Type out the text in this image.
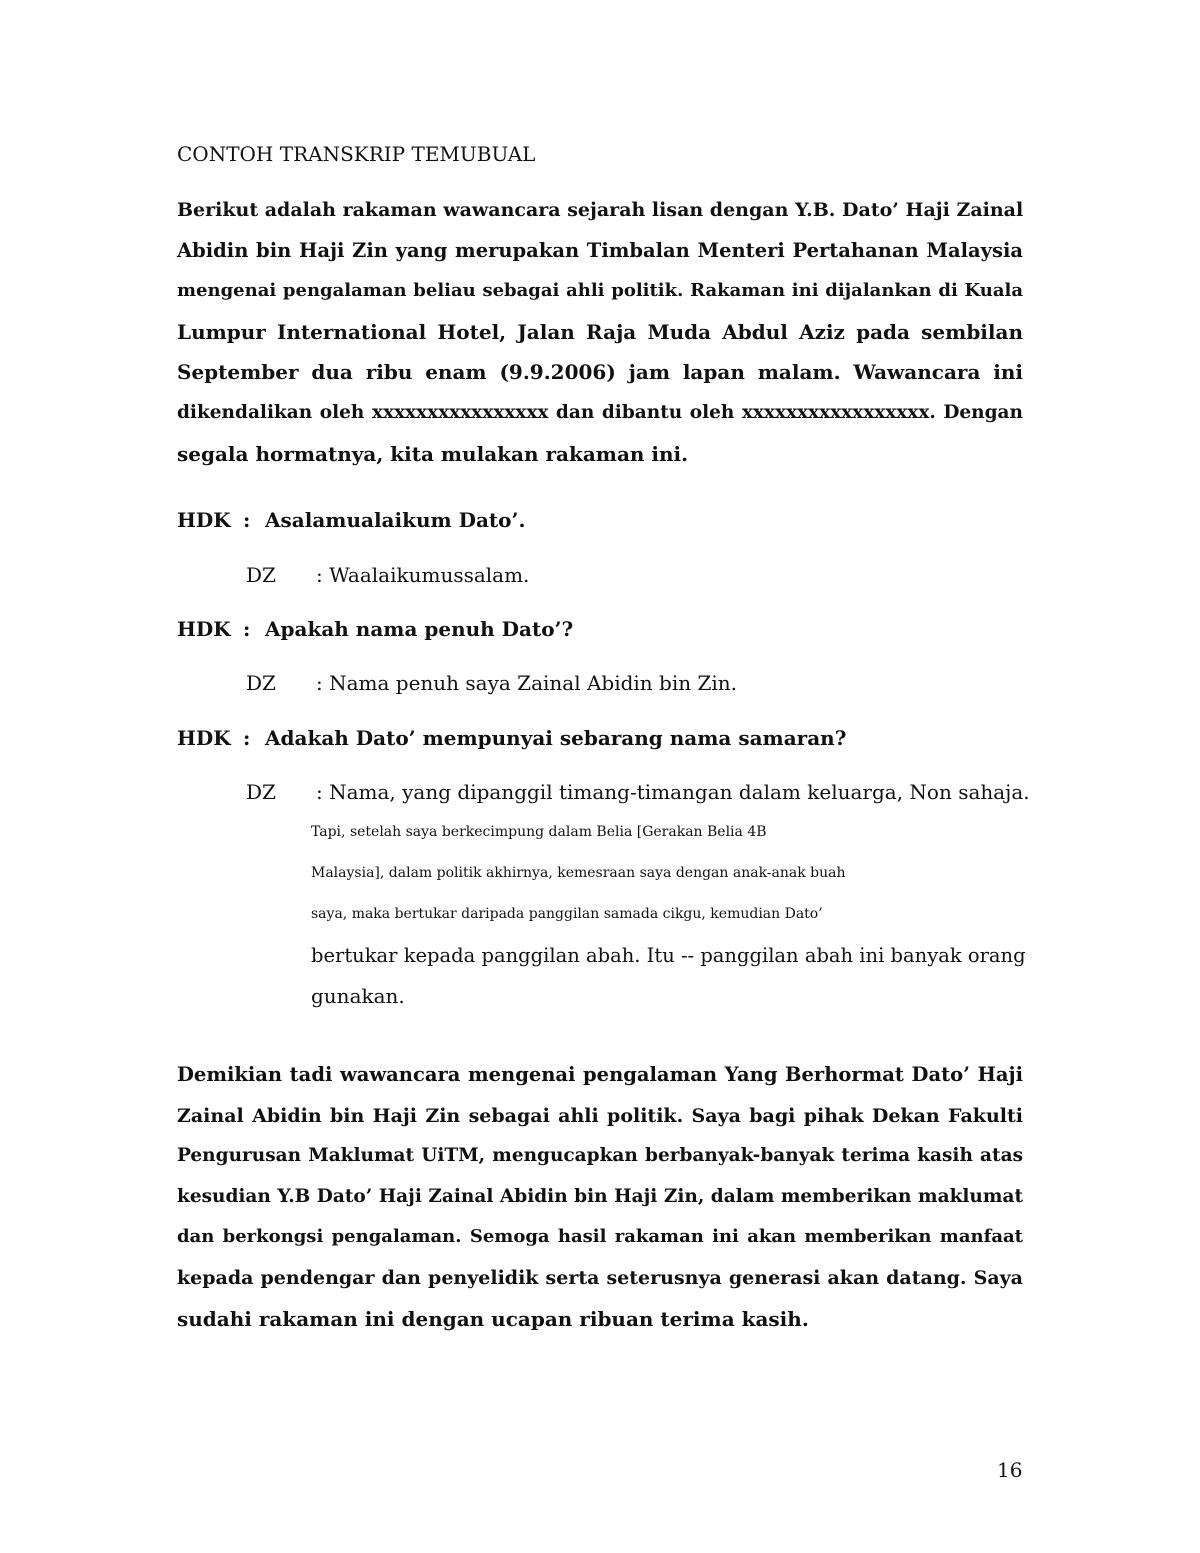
CONTOH TRANSKRIP TEMUBUAL
Berikut adalah rakaman wawancara sejarah lisan dengan Y.B. Dato’ Haji Zainal
Abidin bin Haji Zin yang merupakan Timbalan Menteri Pertahanan Malaysia
mengenai pengalaman beliau sebagai ahli politik. Rakaman ini dijalankan di Kuala
Lumpur International Hotel, Jalan Raja Muda Abdul Aziz pada sembilan
September dua ribu enam (9.9.2006) jam lapan malam. Wawancara ini
dikendalikan oleh xxxxxxxxxxxxxxxx dan dibantu oleh xxxxxxxxxxxxxxxxx. Dengan
segala hormatnya, kita mulakan rakaman ini.
HDK : Asalamualaikum Dato’.
DZ : Waalaikumussalam.
HDK : Apakah nama penuh Dato’?
DZ : Nama penuh saya Zainal Abidin bin Zin.
HDK : Adakah Dato’ mempunyai sebarang nama samaran?
DZ : Nama, yang dipanggil timang-timangan dalam keluarga, Non sahaja.
Tapi, setelah saya berkecimpung dalam Belia [Gerakan Belia 4B
Malaysia], dalam politik akhirnya, kemesraan saya dengan anak-anak buah
saya, maka bertukar daripada panggilan samada cikgu, kemudian Dato’
bertukar kepada panggilan abah. Itu -- panggilan abah ini banyak orang
gunakan.
Demikian tadi wawancara mengenai pengalaman Yang Berhormat Dato’ Haji
Zainal Abidin bin Haji Zin sebagai ahli politik. Saya bagi pihak Dekan Fakulti
Pengurusan Maklumat UiTM, mengucapkan berbanyak-banyak terima kasih atas
kesudian Y.B Dato’ Haji Zainal Abidin bin Haji Zin, dalam memberikan maklumat
dan berkongsi pengalaman. Semoga hasil rakaman ini akan memberikan manfaat
kepada pendengar dan penyelidik serta seterusnya generasi akan datang. Saya
sudahi rakaman ini dengan ucapan ribuan terima kasih.
16
